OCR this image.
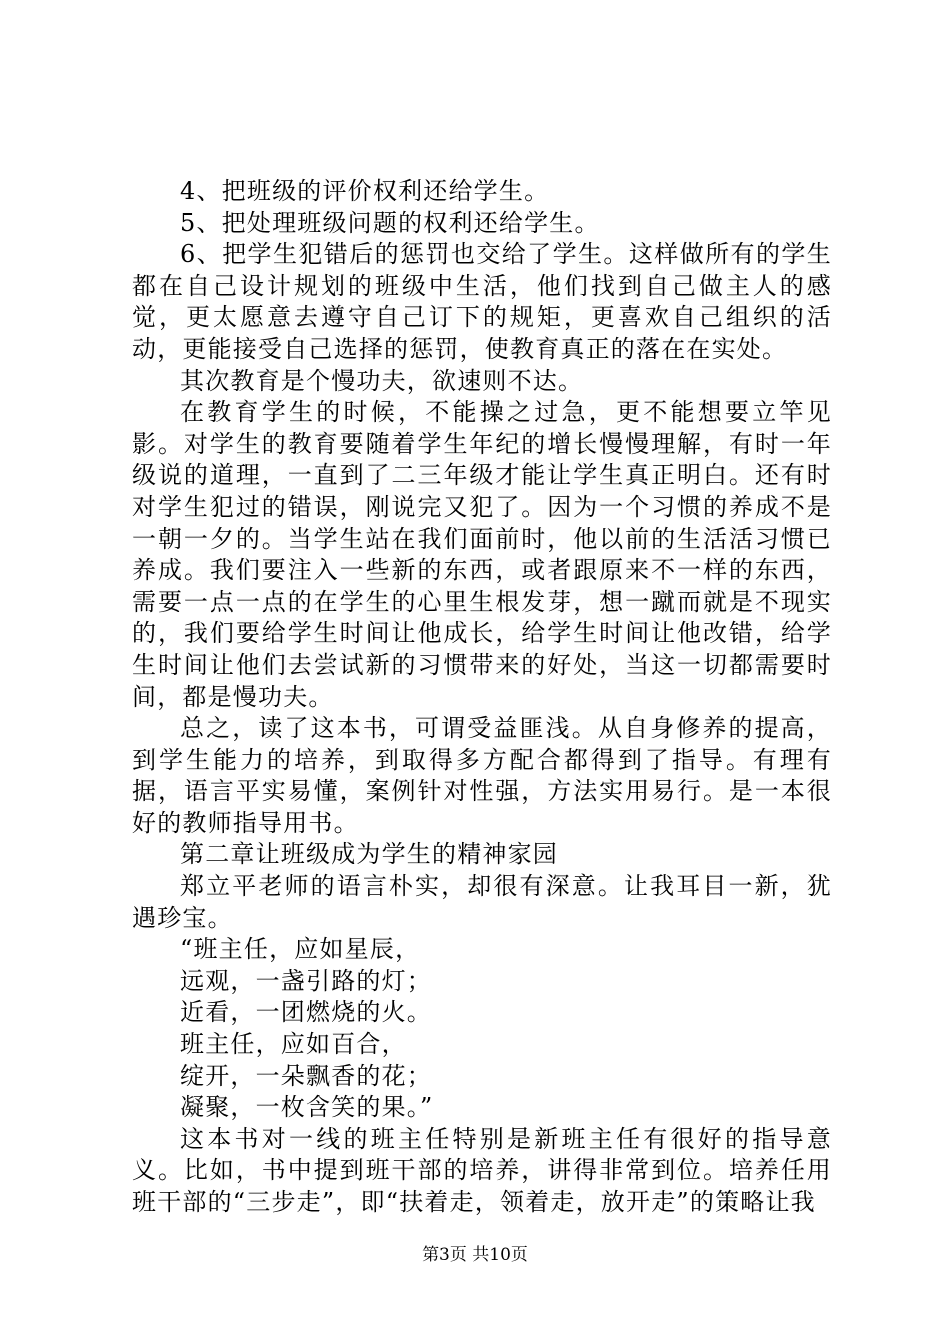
4、把班级的评价权利还给学生。

5、把处理班级问题的权利还给学生。

6、把学生犯错后的惩罚也交给了学生。这样做所有的学生都在自己设计规划的班级中生活，他们找到自己做主人的感觉，更太愿意去遵守自己订下的规矩，更喜欢自己组织的活动，更能接受自己选择的惩罚，使教育真正的落在在实处。

其次教育是个慢功夫，欲速则不达。

在教育学生的时候，不能操之过急，更不能想要立竿见影。对学生的教育要随着学生年纪的增长慢慢理解，有时一年级说的道理，一直到了二三年级才能让学生真正明白。还有时对学生犯过的错误，刚说完又犯了。因为一个习惯的养成不是一朝一夕的。当学生站在我们面前时，他以前的生活活习惯已养成。我们要注入一些新的东西，或者跟原来不一样的东西，需要一点一点的在学生的心里生根发芽，想一蹴而就是不现实的，我们要给学生时间让他成长，给学生时间让他改错，给学生时间让他们去尝试新的习惯带来的好处，当这一切都需要时间，都是慢功夫。

总之，读了这本书，可谓受益匪浅。从自身修养的提高，到学生能力的培养，到取得多方配合都得到了指导。有理有据，语言平实易懂，案例针对性强，方法实用易行。是一本很好的教师指导用书。

第二章让班级成为学生的精神家园

郑立平老师的语言朴实，却很有深意。让我耳目一新，犹遇珍宝。

“班主任，应如星辰，

远观，一盏引路的灯；

近看，一团燃烧的火。

班主任，应如百合，

绽开，一朵飘香的花；

凝聚，一枚含笑的果。”

这本书对一线的班主任特别是新班主任有很好的指导意义。比如，书中提到班干部的培养，讲得非常到位。培养任用班干部的“三步走”，即“扶着走，领着走，放开走”的策略让我

第3页 共10页
